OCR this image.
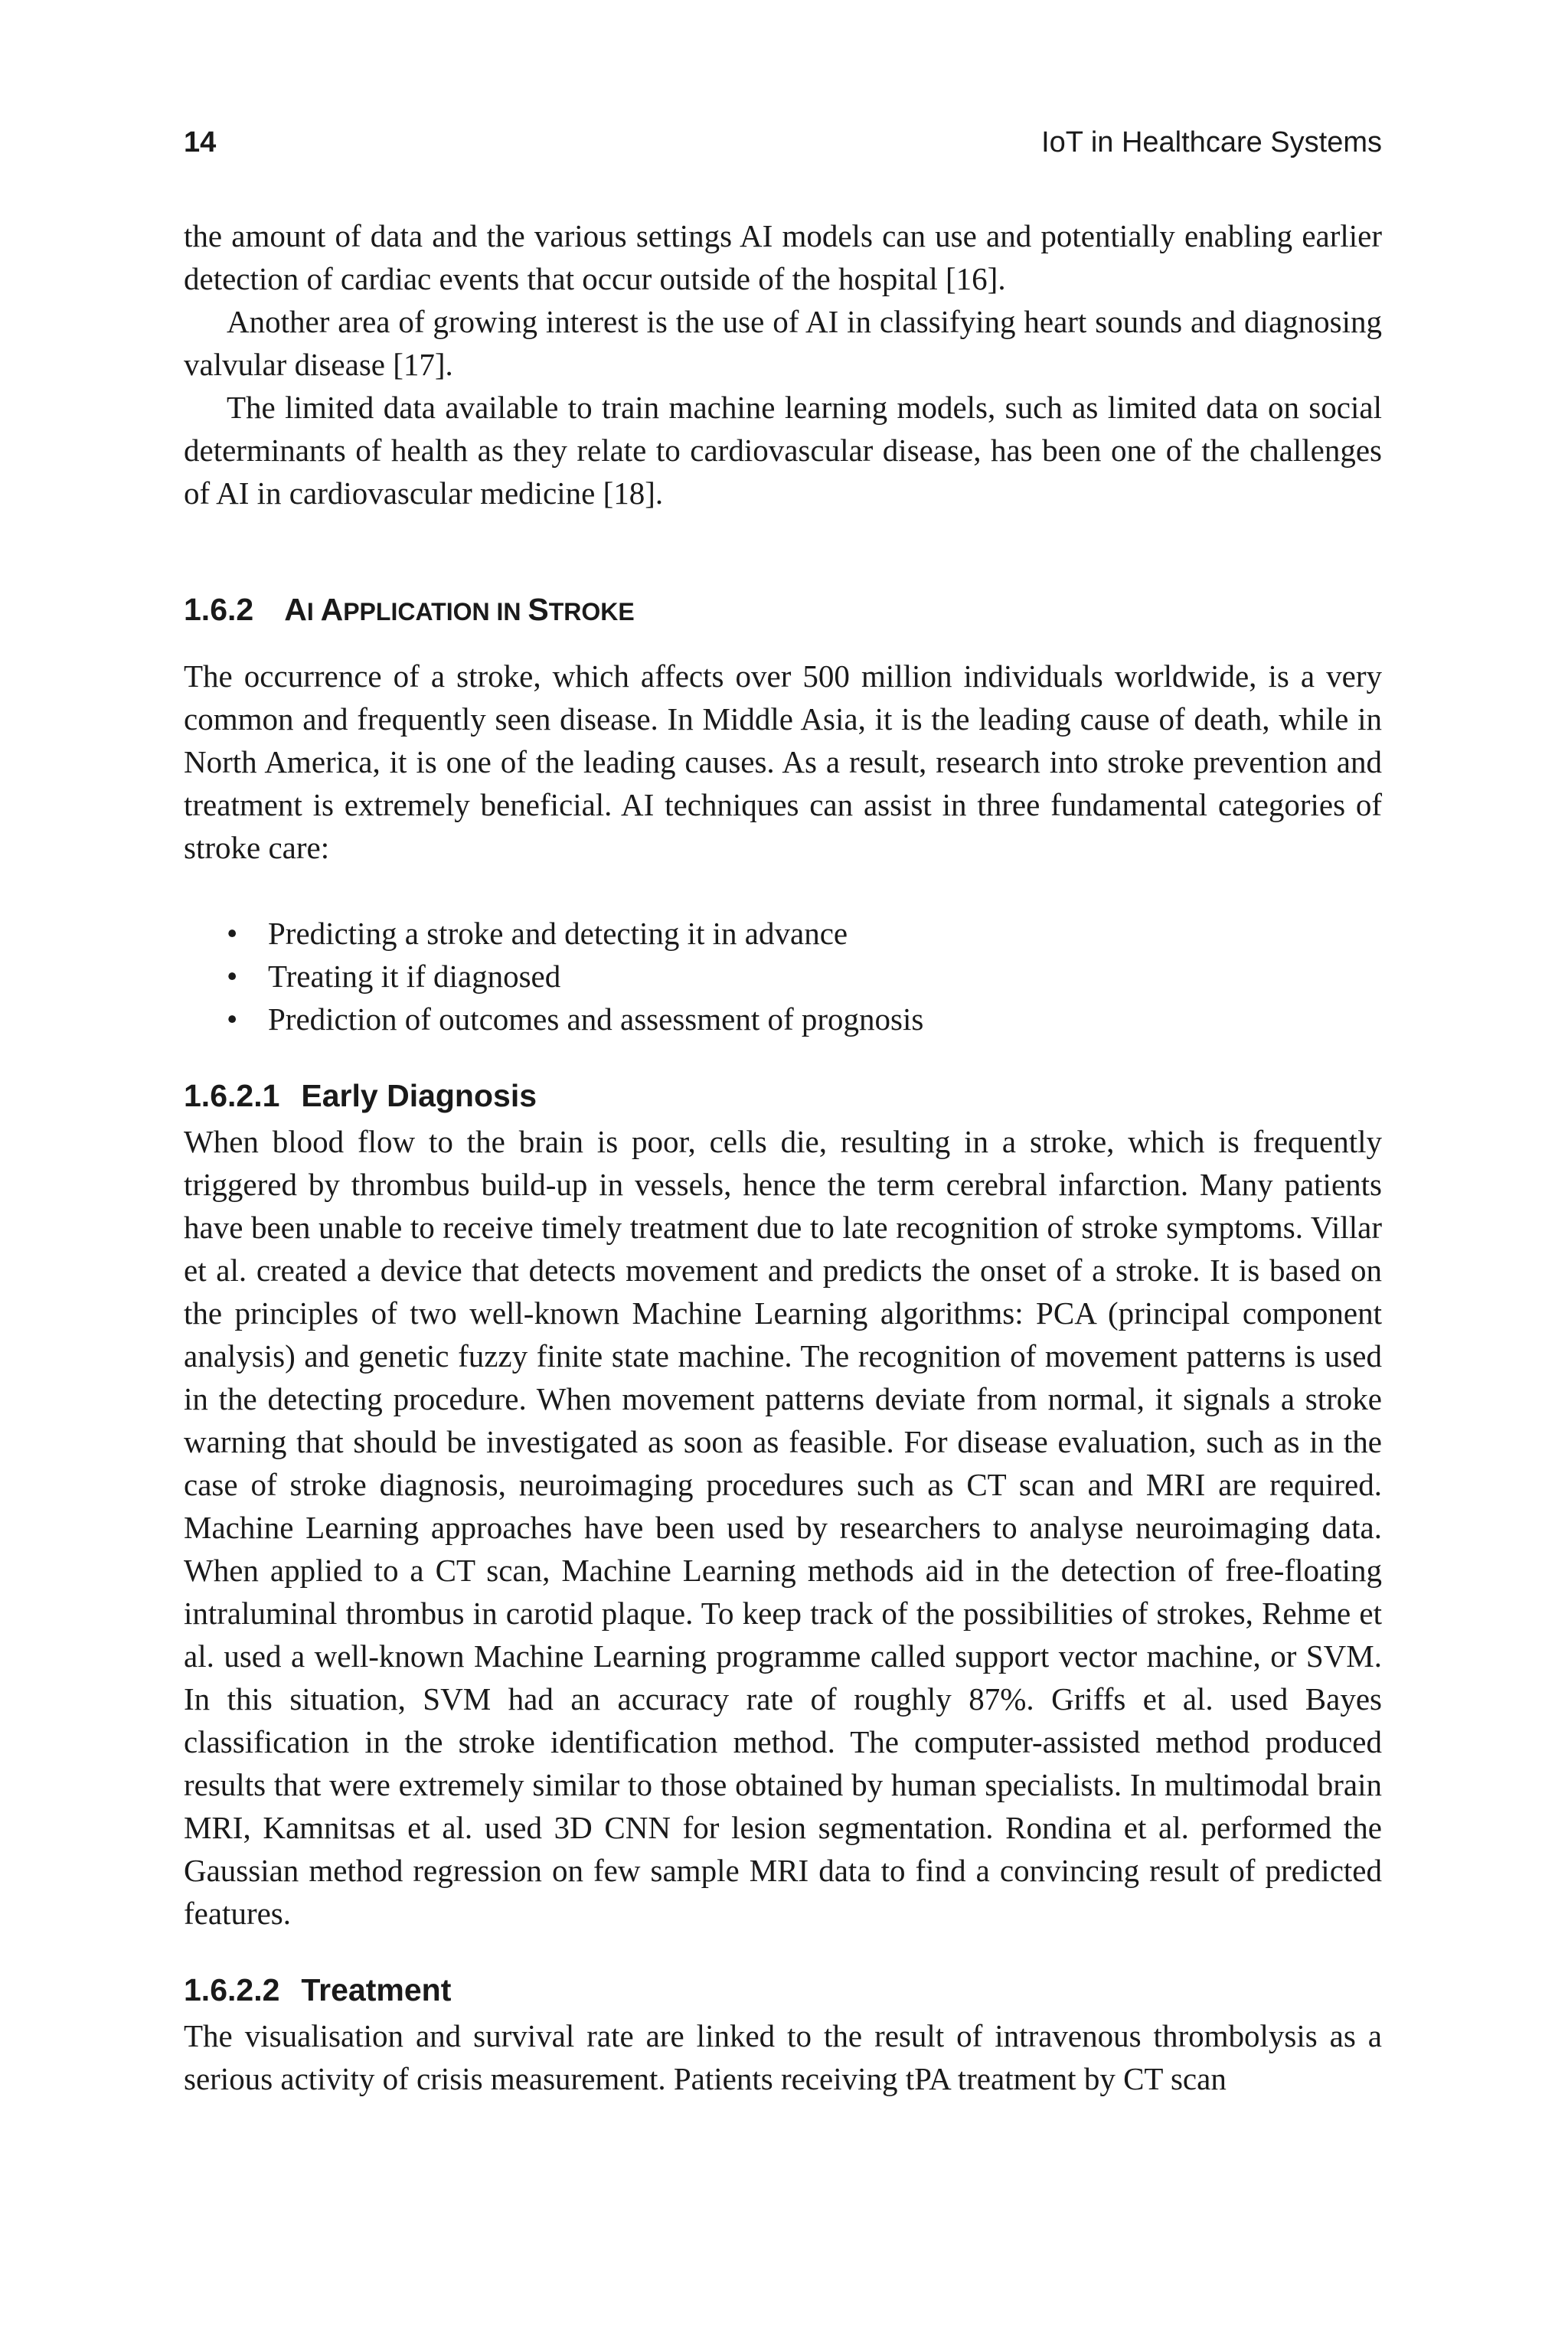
14	IoT in Healthcare Systems

the amount of data and the various settings AI models can use and potentially enabling earlier detection of cardiac events that occur outside of the hospital [16].

Another area of growing interest is the use of AI in classifying heart sounds and diagnosing valvular disease [17].

The limited data available to train machine learning models, such as limited data on social determinants of health as they relate to cardiovascular disease, has been one of the challenges of AI in cardiovascular medicine [18].

1.6.2 AI APPLICATION IN STROKE

The occurrence of a stroke, which affects over 500 million individuals worldwide, is a very common and frequently seen disease. In Middle Asia, it is the leading cause of death, while in North America, it is one of the leading causes. As a result, research into stroke prevention and treatment is extremely beneficial. AI techniques can assist in three fundamental categories of stroke care:

• Predicting a stroke and detecting it in advance
• Treating it if diagnosed
• Prediction of outcomes and assessment of prognosis
1.6.2.1 Early Diagnosis

When blood flow to the brain is poor, cells die, resulting in a stroke, which is frequently triggered by thrombus build-up in vessels, hence the term cerebral infarction. Many patients have been unable to receive timely treatment due to late recognition of stroke symptoms. Villar et al. created a device that detects movement and predicts the onset of a stroke. It is based on the principles of two well-known Machine Learning algorithms: PCA (principal component analysis) and genetic fuzzy finite state machine. The recognition of movement patterns is used in the detecting procedure. When movement patterns deviate from normal, it signals a stroke warning that should be investigated as soon as feasible. For disease evaluation, such as in the case of stroke diagnosis, neuroimaging procedures such as CT scan and MRI are required. Machine Learning approaches have been used by researchers to analyse neuroimaging data. When applied to a CT scan, Machine Learning methods aid in the detection of free-floating intraluminal thrombus in carotid plaque. To keep track of the possibilities of strokes, Rehme et al. used a well-known Machine Learning programme called support vector machine, or SVM. In this situation, SVM had an accuracy rate of roughly 87%. Griffs et al. used Bayes classification in the stroke identification method. The computer-assisted method produced results that were extremely similar to those obtained by human specialists. In multimodal brain MRI, Kamnitsas et al. used 3D CNN for lesion segmentation. Rondina et al. performed the Gaussian method regression on few sample MRI data to find a convincing result of predicted features.

1.6.2.2 Treatment

The visualisation and survival rate are linked to the result of intravenous thrombolysis as a serious activity of crisis measurement. Patients receiving tPA treatment by CT scan
